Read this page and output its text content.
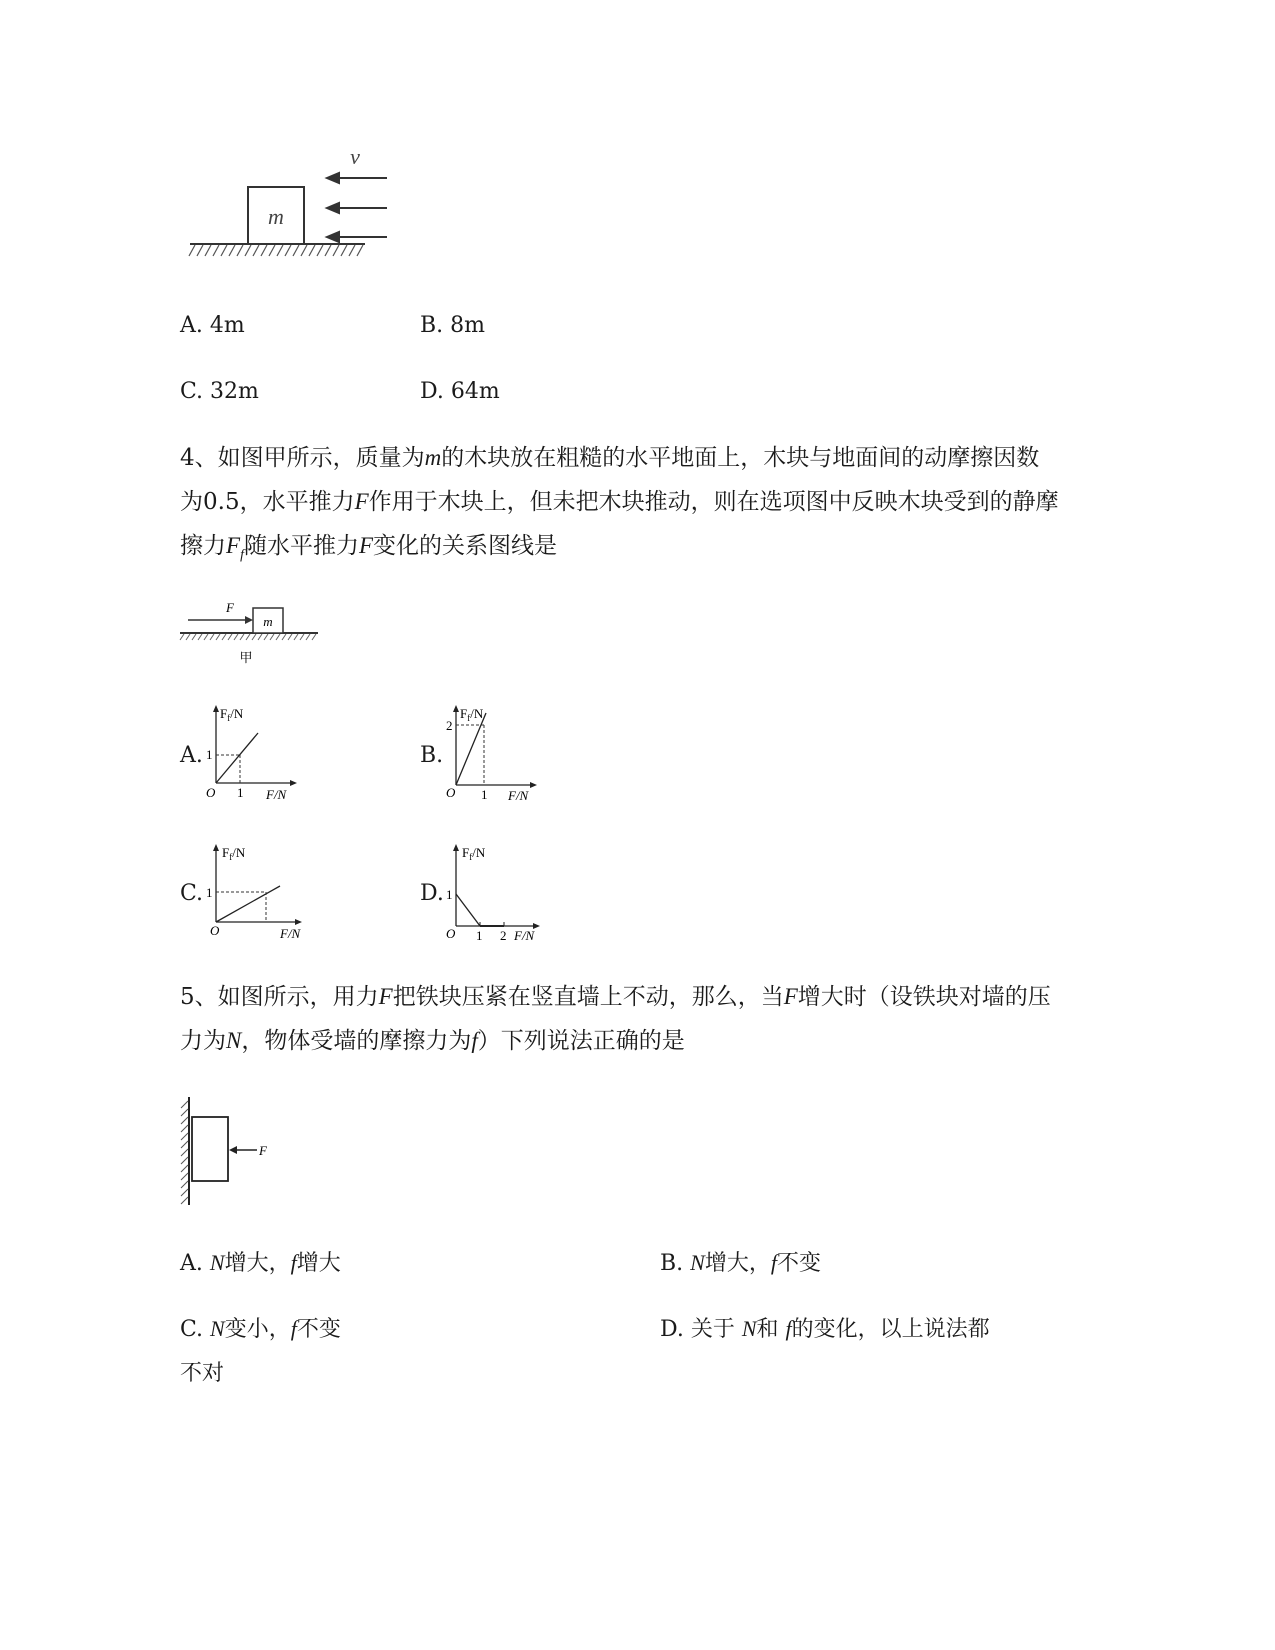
m
v
A. 4m	B. 8m
C. 32m	D. 64m
4、如图甲所示，质量为m的木块放在粗糙的水平地面上，木块与地面间的动摩擦因数为0.5，水平推力F作用于木块上，但未把木块推动，则在选项图中反映木块受到的静摩擦力$F_f$随水平推力F变化的关系图线是
m
F
甲
A.
$F_f/N$
F/N
O 1
1	B.
$F_f/N$
F/N
O 1
2
C.
$F_f/N$
F/N
O
1	D.
$F_f/N$
F/N
O 1 2
1
5、如图所示，用力F把铁块压紧在竖直墙上不动，那么，当F增大时（设铁块对墙的压力为N，物体受墙的摩擦力为f）下列说法正确的是
F
A. N增大，f增大	B. N增大，f不变
C. N变小，f不变	D. 关于 N和 f的变化，以上说法都
不对
